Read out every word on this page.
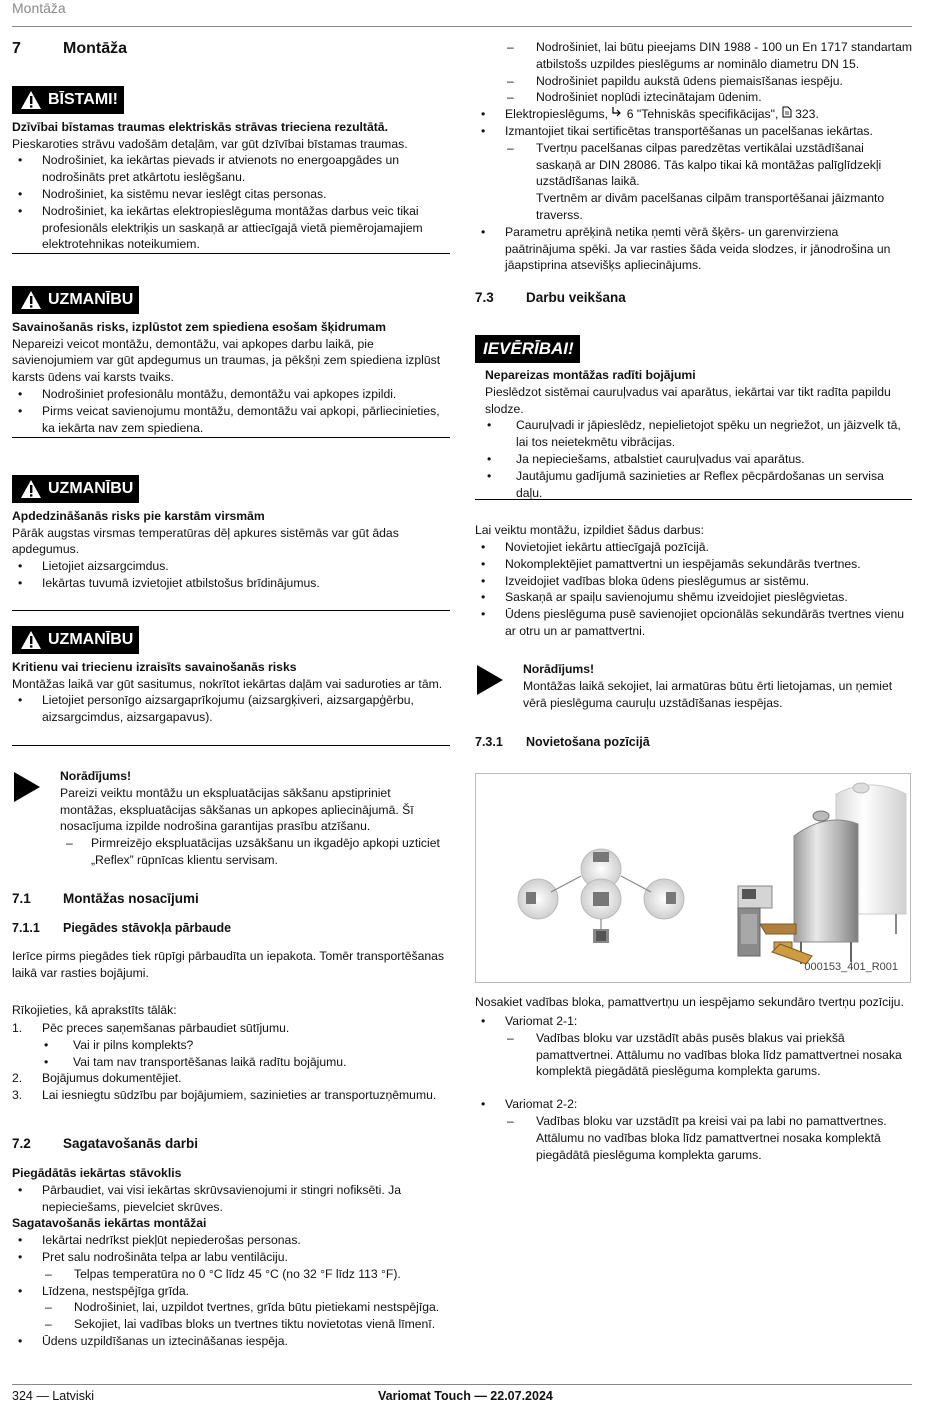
Montāža
7	Montāža
BĪSTAMI!
Dzīvībai bīstamas traumas elektriskās strāvas trieciena rezultātā.
Pieskaroties strāvu vadošām detaļām, var gūt dzīvībai bīstamas traumas.
• Nodrošiniet, ka iekārtas pievads ir atvienots no energoapgādes un nodrošināts pret atkārtotu ieslēgšanu.
• Nodrošiniet, ka sistēmu nevar ieslēgt citas personas.
• Nodrošiniet, ka iekārtas elektropieslēguma montāžas darbus veic tikai profesionāls elektriķis un saskaņā ar attiecīgajā vietā piemērojamajiem elektrotehnikas noteikumiem.
UZMANĪBU
Savainošanās risks, izplūstot zem spiediena esošam šķidrumam
Nepareizi veicot montāžu, demontāžu, vai apkopes darbu laikā, pie savienojumiem var gūt apdegumus un traumas, ja pēkšņi zem spiediena izplūst karsts ūdens vai karsts tvaiks.
• Nodrošiniet profesionālu montāžu, demontāžu vai apkopes izpildi.
• Pirms veicat savienojumu montāžu, demontāžu vai apkopi, pārliecinieties, ka iekārta nav zem spiediena.
UZMANĪBU
Apdedzināšanās risks pie karstām virsmām
Pārāk augstas virsmas temperatūras dēļ apkures sistēmās var gūt ādas apdegumus.
• Lietojiet aizsargcimdus.
• Iekārtas tuvumā izvietojiet atbilstošus brīdinājumus.
UZMANĪBU
Kritienu vai triecienu izraisīts savainošanās risks
Montāžas laikā var gūt sasitumus, nokrītot iekārtas daļām vai saduroties ar tām.
• Lietojiet personīgo aizsargaprīkojumu (aizsargķiveri, aizsargapģērbu, aizsargcimdus, aizsargapavus).
Norādījums!
Pareizi veiktu montāžu un ekspluatācijas sākšanu apstipriniet montāžas, ekspluatācijas sākšanas un apkopes apliecinājumā. Šī nosacījuma izpilde nodrošina garantijas prasību atzīšanu.
– Pirmreizējo ekspluatācijas uzsākšanu un ikgadējo apkopi uzticiet „Reflex” rūpnīcas klientu servisam.
7.1 Montāžas nosacījumi
7.1.1 Piegādes stāvokļa pārbaude
Ierīce pirms piegādes tiek rūpīgi pārbaudīta un iepakota. Tomēr transportēšanas laikā var rasties bojājumi.
Rīkojieties, kā aprakstīts tālāk:
1. Pēc preces saņemšanas pārbaudiet sūtījumu.
• Vai ir pilns komplekts?
• Vai tam nav transportēšanas laikā radītu bojājumu.
2. Bojājumus dokumentējiet.
3. Lai iesniegtu sūdzību par bojājumiem, sazinieties ar transportuzņēmumu.
7.2 Sagatavošanās darbi
Piegādātās iekārtas stāvoklis
• Pārbaudiet, vai visi iekārtas skrūvsavienojumi ir stingri nofiksēti. Ja nepieciešams, pievelciet skrūves.
Sagatavošanās iekārtas montāžai
• Iekārtai nedrīkst piekļūt nepiederošas personas.
• Pret salu nodrošināta telpa ar labu ventilāciju.
– Telpas temperatūra no 0 °C līdz 45 °C (no 32 °F līdz 113 °F).
• Līdzena, nestspējīga grīda.
– Nodrošiniet, lai, uzpildot tvertnes, grīda būtu pietiekami nestspējīga.
– Sekojiet, lai vadības bloks un tvertnes tiktu novietotas vienā līmenī.
• Ūdens uzpildīšanas un iztecināšanas iespēja.
– Nodrošiniet, lai būtu pieejams DIN 1988 - 100 un En 1717 standartam atbilstošs uzpildes pieslēgums ar nominālo diametru DN 15.
– Nodrošiniet papildu aukstā ūdens piemaisīšanas iespēju.
– Nodrošiniet noplūdi iztecinātajam ūdenim.
• Elektropieslēgums, 6 "Tehniskās specifikācijas", 323.
• Izmantojiet tikai sertificētas transportēšanas un pacelšanas iekārtas.
– Tvertņu pacelšanas cilpas paredzētas vertikālai uzstādīšanai saskaņā ar DIN 28086. Tās kalpo tikai kā montāžas palīglīdzekļi uzstādīšanas laikā.
Tvertnēm ar divām pacelšanas cilpām transportēšanai jāizmanto traverss.
• Parametru aprēķinā netika ņemti vērā šķērs- un garenvirziena paātrinājuma spēki. Ja var rasties šāda veida slodzes, ir jānodrošina un jāapstiprina atsevišķs apliecinājums.
7.3 Darbu veikšana
IEVĒRĪBAI!
Nepareizas montāžas radīti bojājumi
Pieslēdzot sistēmai cauruļvadus vai aparātus, iekārtai var tikt radīta papildu slodze.
• Cauruļvadi ir jāpieslēdz, nepielietojot spēku un negriežot, un jāizvelk tā, lai tos neietekmētu vibrācijas.
• Ja nepieciešams, atbalstiet cauruļvadus vai aparātus.
• Jautājumu gadījumā sazinieties ar Reflex pēcpārdošanas un servisa daļu.
Lai veiktu montāžu, izpildiet šādus darbus:
• Novietojiet iekārtu attiecīgajā pozīcijā.
• Nokomplektējiet pamattvertni un iespējamās sekundārās tvertnes.
• Izveidojiet vadības bloka ūdens pieslēgumus ar sistēmu.
• Saskaņā ar spaiļu savienojumu shēmu izveidojiet pieslēgvietas.
• Ūdens pieslēguma pusē savienojiet opcionālās sekundārās tvertnes vienu ar otru un ar pamattvertni.
Norādījums!
Montāžas laikā sekojiet, lai armatūras būtu ērti lietojamas, un ņemiet vērā pieslēguma cauruļu uzstādīšanas iespējas.
7.3.1 Novietošana pozīcijā
000153_401_R001
Nosakiet vadības bloka, pamattvertņu un iespējamo sekundāro tvertņu pozīciju.
• Variomat 2-1:
– Vadības bloku var uzstādīt abās pusēs blakus vai priekšā pamattvertnei. Attālumu no vadības bloka līdz pamattvertnei nosaka komplektā piegādātā pieslēguma komplekta garums.
• Variomat 2-2:
– Vadības bloku var uzstādīt pa kreisi vai pa labi no pamattvertnes. Attālumu no vadības bloka līdz pamattvertnei nosaka komplektā piegādātā pieslēguma komplekta garums.
324 — Latviski	Variomat Touch — 22.07.2024
